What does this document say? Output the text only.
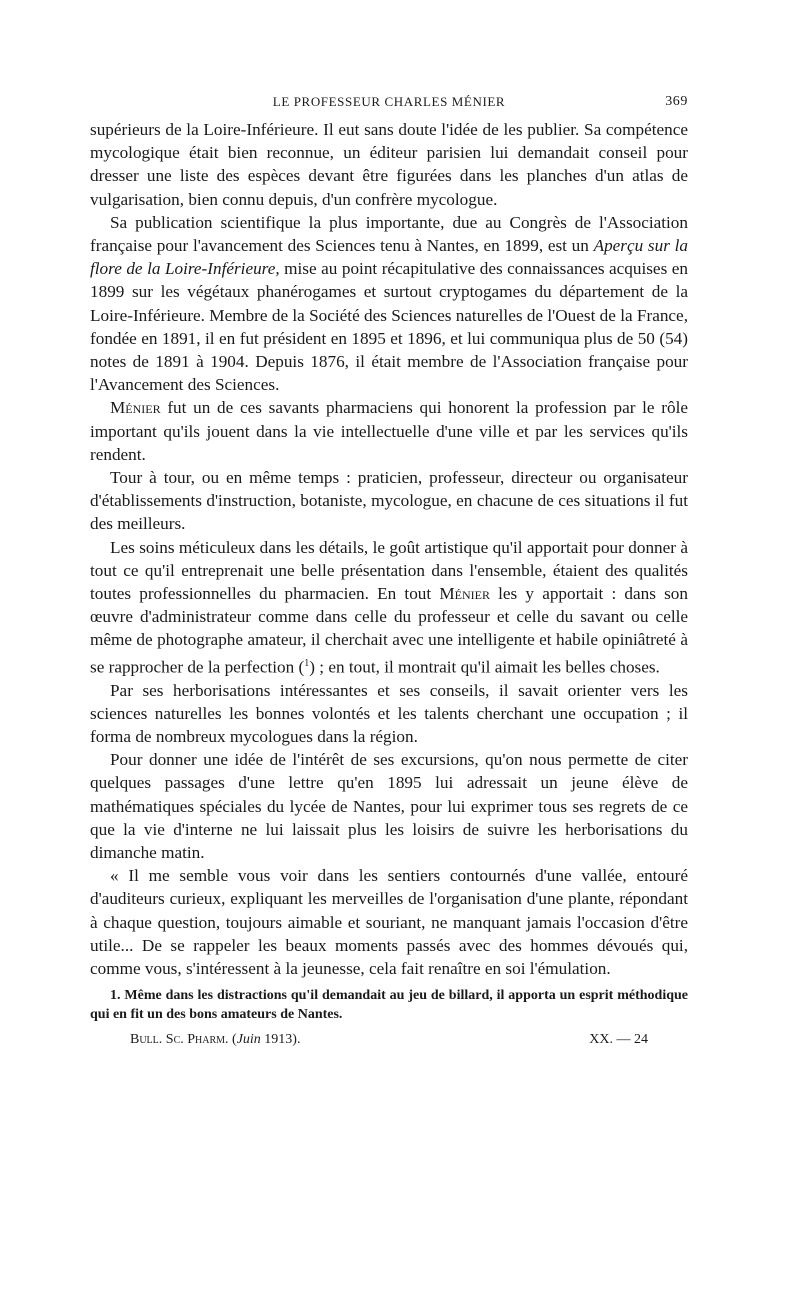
LE PROFESSEUR CHARLES MÉNIER	369

supérieurs de la Loire-Inférieure. Il eut sans doute l'idée de les publier. Sa compétence mycologique était bien reconnue, un éditeur parisien lui demandait conseil pour dresser une liste des espèces devant être figurées dans les planches d'un atlas de vulgarisation, bien connu depuis, d'un confrère mycologue.

Sa publication scientifique la plus importante, due au Congrès de l'Association française pour l'avancement des Sciences tenu à Nantes, en 1899, est un Aperçu sur la flore de la Loire-Inférieure, mise au point récapitulative des connaissances acquises en 1899 sur les végétaux phanérogames et surtout cryptogames du département de la Loire-Inférieure. Membre de la Société des Sciences naturelles de l'Ouest de la France, fondée en 1891, il en fut président en 1895 et 1896, et lui communiqua plus de 50 (54) notes de 1891 à 1904. Depuis 1876, il était membre de l'Association française pour l'Avancement des Sciences.

Ménier fut un de ces savants pharmaciens qui honorent la profession par le rôle important qu'ils jouent dans la vie intellectuelle d'une ville et par les services qu'ils rendent.

Tour à tour, ou en même temps : praticien, professeur, directeur ou organisateur d'établissements d'instruction, botaniste, mycologue, en chacune de ces situations il fut des meilleurs.

Les soins méticuleux dans les détails, le goût artistique qu'il apportait pour donner à tout ce qu'il entreprenait une belle présentation dans l'ensemble, étaient des qualités toutes professionnelles du pharmacien. En tout Ménier les y apportait : dans son œuvre d'administrateur comme dans celle du professeur et celle du savant ou celle même de photographe amateur, il cherchait avec une intelligente et habile opiniâtreté à se rapprocher de la perfection ($^1$) ; en tout, il montrait qu'il aimait les belles choses.

Par ses herborisations intéressantes et ses conseils, il savait orienter vers les sciences naturelles les bonnes volontés et les talents cherchant une occupation ; il forma de nombreux mycologues dans la région.

Pour donner une idée de l'intérêt de ses excursions, qu'on nous permette de citer quelques passages d'une lettre qu'en 1895 lui adressait un jeune élève de mathématiques spéciales du lycée de Nantes, pour lui exprimer tous ses regrets de ce que la vie d'interne ne lui laissait plus les loisirs de suivre les herborisations du dimanche matin.

« Il me semble vous voir dans les sentiers contournés d'une vallée, entouré d'auditeurs curieux, expliquant les merveilles de l'organisation d'une plante, répondant à chaque question, toujours aimable et souriant, ne manquant jamais l'occasion d'être utile... De se rappeler les beaux moments passés avec des hommes dévoués qui, comme vous, s'intéressent à la jeunesse, cela fait renaître en soi l'émulation.

1. Même dans les distractions qu'il demandait au jeu de billard, il apporta un esprit méthodique qui en fit un des bons amateurs de Nantes.

Bull. Sc. Pharm. (Juin 1913).	XX. — 24
